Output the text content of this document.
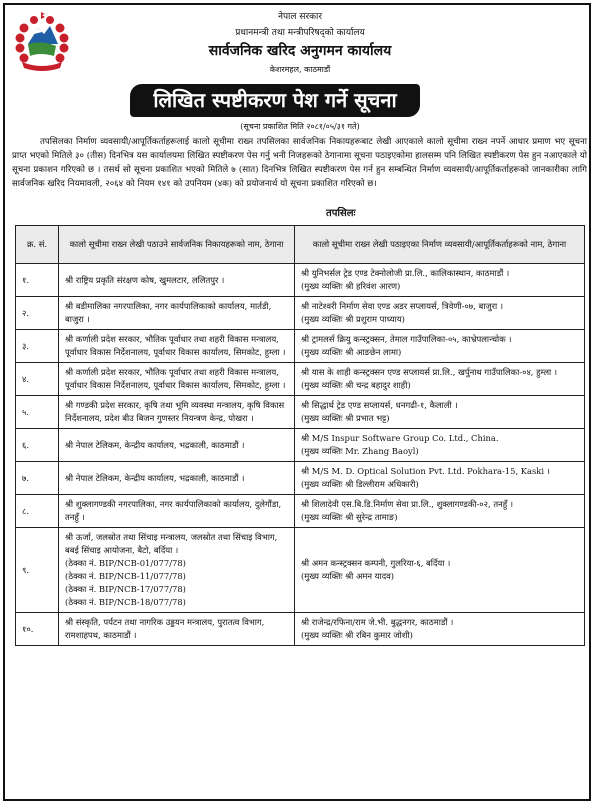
नेपाल सरकार
प्रधानमन्त्री तथा मन्त्रीपरिषद्को कार्यालय
सार्वजनिक खरिद अनुगमन कार्यालय
केशरमहल, काठमाडौं
लिखित स्पष्टीकरण पेश गर्ने सूचना
(सूचना प्रकाशित मिति २०८१/०५/३१ गते)
तपसिलका निर्माण व्यवसायी/आपूर्तिकर्ताहरूलाई कालो सूचीमा राख्न तपसिलका सार्वजनिक निकायहरूबाट लेखी आएकाले कालो सूचीमा राख्न नपर्ने आधार प्रमाण भए सूचना प्राप्त भएको मितिले ३० (तीस) दिनभित्र यस कार्यालयमा लिखित स्पष्टीकरण पेस गर्नु भनी निजहरूको ठेगानामा सूचना पठाइएकोमा हालसम्म पनि लिखित स्पष्टीकरण पेस हुन नआएकाले यो सूचना प्रकाशन गरिएको छ । तसर्थ सो सूचना प्रकाशित भएको मितिले ७ (सात) दिनभित्र लिखित स्पष्टीकरण पेस गर्न हुन सम्बन्धित निर्माण व्यवसायी/आपूर्तिकर्ताहरूको जानकारीका लागि सार्वजनिक खरिद नियमावली, २०६४ को नियम १४१ को उपनियम (४क) को प्रयोजनार्थ यो सूचना प्रकाशित गरिएको छ।
तपसिलः
क्र. सं.	कालो सूचीमा राख्न लेखी पठाउने सार्वजनिक निकायहरूको नाम, ठेगाना	कालो सूचीमा राख्न लेखी पठाइएका निर्माण व्यवसायी/आपूर्तिकर्ताहरूको नाम, ठेगाना
१.	श्री राष्ट्रिय प्रकृति संरक्षण कोष, खुमलटार, ललितपुर ।	श्री युनिभर्सल ट्रेड एण्ड टेक्नोलोजी प्रा.लि., कालिकास्थान, काठमाडौं ।
(मुख्य व्यक्तिः श्री हरिवंश आरण)

२.	श्री बडीमालिका नगरपालिका, नगर कार्यपालिकाको कार्यालय, मार्तडी, बाजुरा ।	श्री नाटेश्वरी निर्माण सेवा एण्ड अडर सप्लायर्स, त्रिवेणी-०७, बाजुरा ।
(मुख्य व्यक्तिः श्री प्रशुराम पाध्याय)

३.	श्री कर्णाली प्रदेश सरकार, भौतिक पूर्वाधार तथा शहरी विकास मन्त्रालय, पूर्वाधार विकास निर्देशनालय, पूर्वाधार विकास कार्यालय, सिमकोट, हुम्ला ।	श्री ट्रामलर्स क्रियु कन्स्ट्रक्सन, तेमाल गाउँपालिका-०५, काभ्रेपलान्चोक ।
(मुख्य व्यक्तिः श्री आङछेन लामा)

४.	श्री कर्णाली प्रदेश सरकार, भौतिक पूर्वाधार तथा शहरी विकास मन्त्रालय, पूर्वाधार विकास निर्देशनालय, पूर्वाधार विकास कार्यालय, सिमकोट, हुम्ला ।	श्री यास के शाही कन्स्ट्रक्सन एण्ड सप्लायर्स प्रा.लि., खर्पुनाथ गाउँपालिका-०४, हुम्ला ।
(मुख्य व्यक्तिः श्री चन्द्र बहादुर शाही)

५.	श्री गण्डकी प्रदेश सरकार, कृषि तथा भूमि व्यवस्था मन्त्रालय, कृषि विकास निर्देशनालय, प्रदेश बीउ बिजन गुणस्तर नियन्त्रण केन्द्र, पोखरा ।	श्री सिद्धार्थ ट्रेड एण्ड सप्लायर्स, धनगढी-१, कैलाली ।
(मुख्य व्यक्तिः श्री प्रभात भट्ट)

६.	श्री नेपाल टेलिकम, केन्द्रीय कार्यालय, भद्रकाली, काठमाडौं ।	श्री M/S Inspur Software Group Co. Ltd., China.
(मुख्य व्यक्तिः Mr. Zhang Baoyl)

७.	श्री नेपाल टेलिकम, केन्द्रीय कार्यालय, भद्रकाली, काठमाडौं ।	श्री M/S M. D. Optical Solution Pvt. Ltd. Pokhara-15, Kaski ।
(मुख्य व्यक्तिः श्री डिल्लीराम अधिकारी)

८.	श्री शुक्लागण्डकी नगरपालिका, नगर कार्यपालिकाको कार्यालय, दुलेगौंडा, तनहुँ ।	श्री शिलादेवी एस.बि.डि.निर्माण सेवा प्रा.लि., शुक्लागण्डकी-०२, तनहुँ ।
(मुख्य व्यक्तिः श्री सुरेन्द्र तामाङ)

९.	श्री ऊर्जा, जलस्रोत तथा सिंचाइ मन्त्रालय, जलस्रोत तथा सिंचाइ विभाग, बबई सिंचाइ आयोजना, बैटो, बर्दिया ।
(ठेक्का नं. BIP/NCB-01/077/78)
(ठेक्का नं. BIP/NCB-11/077/78)
(ठेक्का नं. BIP/NCB-17/077/78)
(ठेक्का नं. BIP/NCB-18/077/78)	श्री अमन कन्स्ट्रक्सन कम्पनी, गुलरिया-६, बर्दिया ।
(मुख्य व्यक्तिः श्री अमन यादव)

१०.	श्री संस्कृति, पर्यटन तथा नागरिक उड्डयन मन्त्रालय, पुरातत्व विभाग, रामशाहपथ, काठमाडौं ।	श्री राजेन्द्र/रफिना/राम जे.भी. बुद्धनगर, काठमाडौं ।
(मुख्य व्यक्तिः श्री रबिन कुमार जोशी)
